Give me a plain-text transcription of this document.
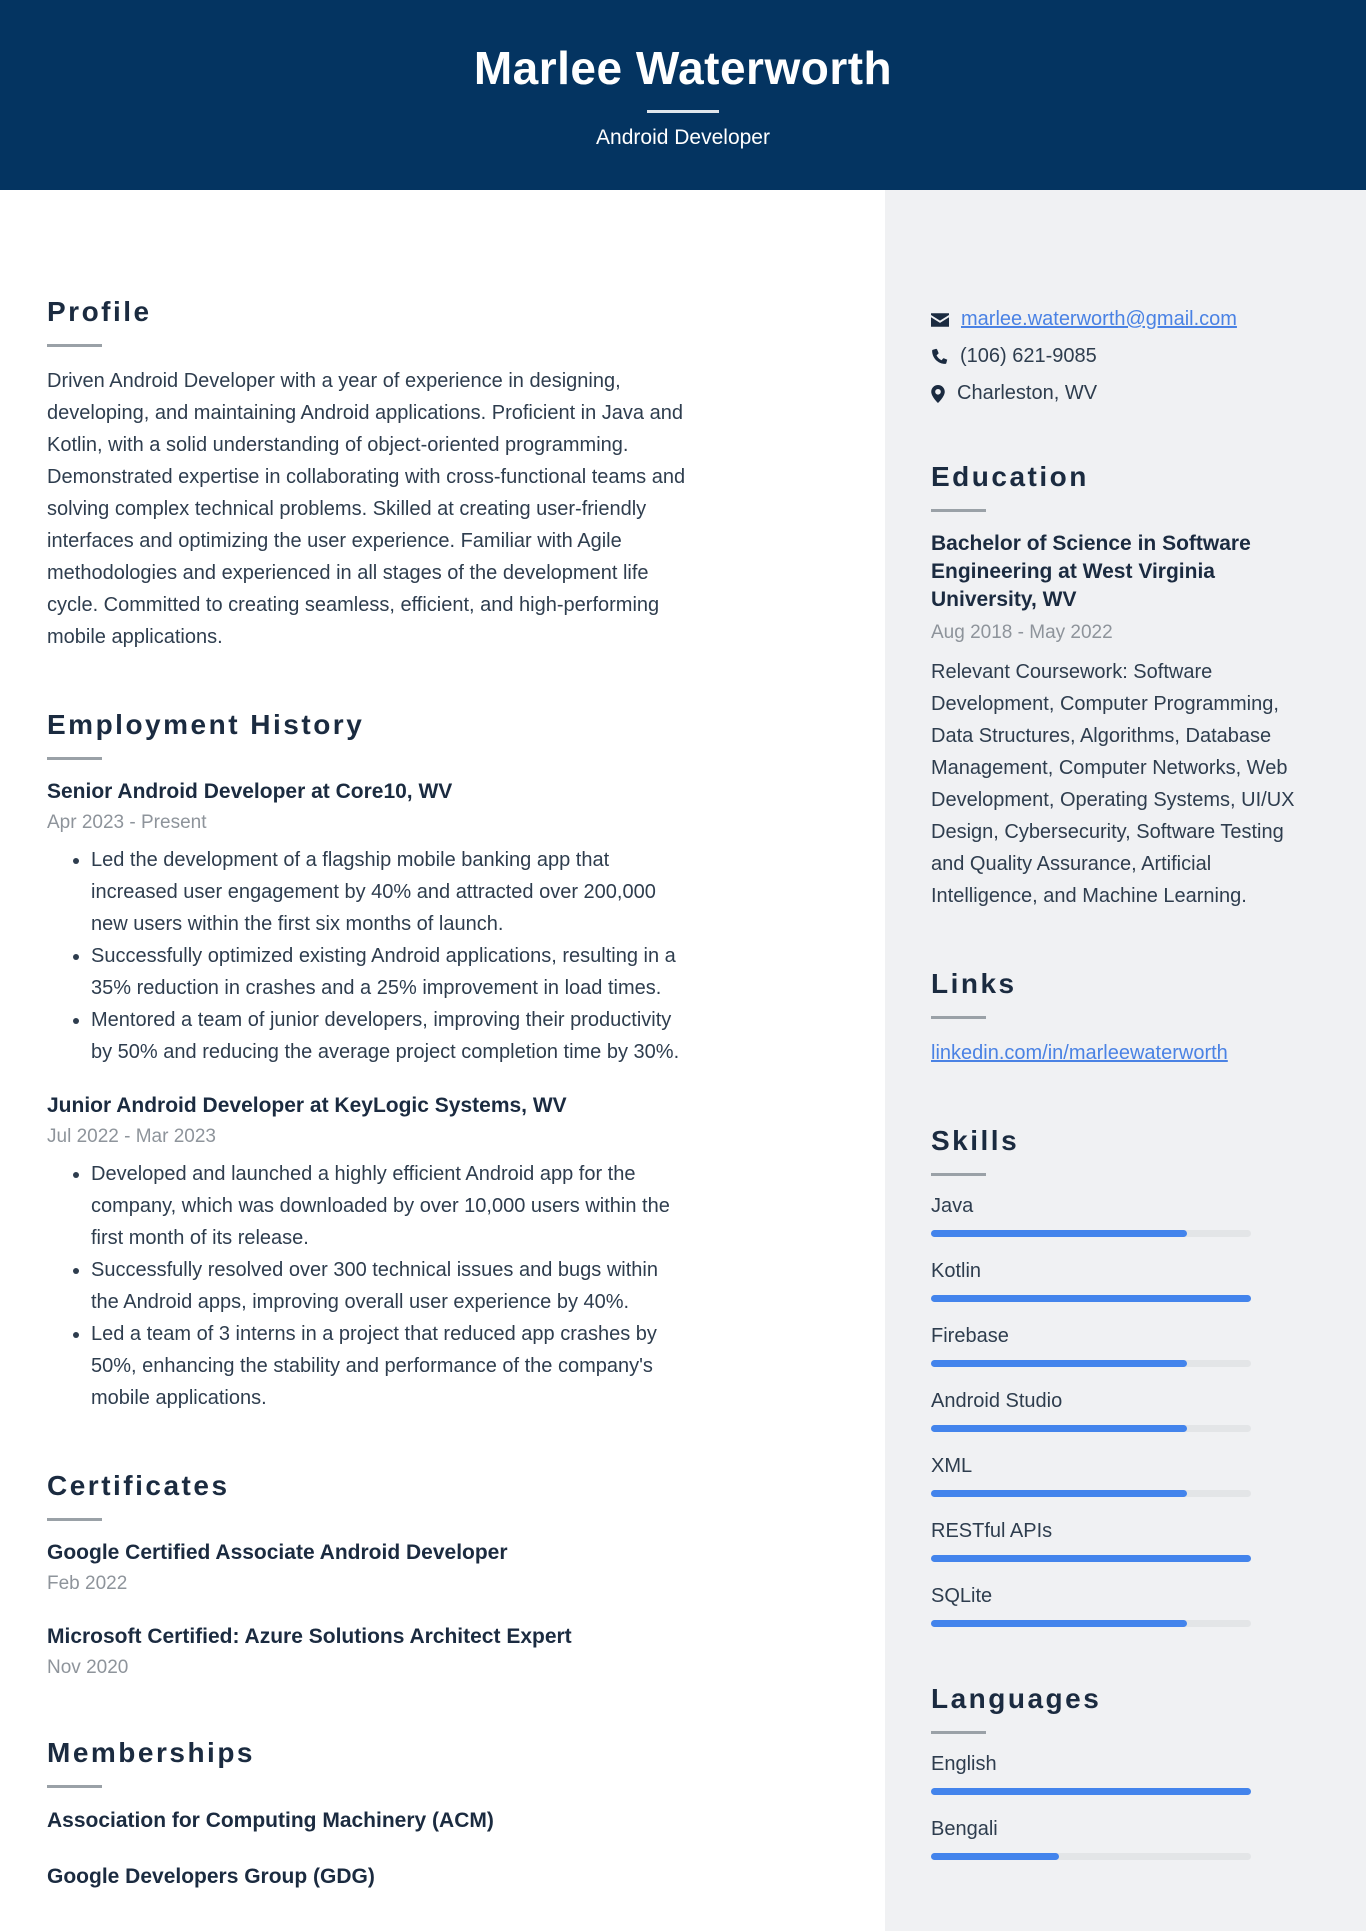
Marlee Waterworth
Android Developer
Profile

Driven Android Developer with a year of experience in designing, developing, and maintaining Android applications. Proficient in Java and Kotlin, with a solid understanding of object-oriented programming. Demonstrated expertise in collaborating with cross-functional teams and solving complex technical problems. Skilled at creating user-friendly interfaces and optimizing the user experience. Familiar with Agile methodologies and experienced in all stages of the development life cycle. Committed to creating seamless, efficient, and high-performing mobile applications.

Employment History
Senior Android Developer at Core10, WV
Apr 2023 - Present
• Led the development of a flagship mobile banking app that increased user engagement by 40% and attracted over 200,000 new users within the first six months of launch.
• Successfully optimized existing Android applications, resulting in a 35% reduction in crashes and a 25% improvement in load times.
• Mentored a team of junior developers, improving their productivity by 50% and reducing the average project completion time by 30%.
Junior Android Developer at KeyLogic Systems, WV
Jul 2022 - Mar 2023
• Developed and launched a highly efficient Android app for the company, which was downloaded by over 10,000 users within the first month of its release.
• Successfully resolved over 300 technical issues and bugs within the Android apps, improving overall user experience by 40%.
• Led a team of 3 interns in a project that reduced app crashes by 50%, enhancing the stability and performance of the company's mobile applications.
Certificates
Google Certified Associate Android Developer
Feb 2022
Microsoft Certified: Azure Solutions Architect Expert
Nov 2020
Memberships
Association for Computing Machinery (ACM)
Google Developers Group (GDG)
marlee.waterworth@gmail.com
(106) 621-9085
Charleston, WV
Education
Bachelor of Science in Software Engineering at West Virginia University, WV
Aug 2018 - May 2022

Relevant Coursework: Software Development, Computer Programming, Data Structures, Algorithms, Database Management, Computer Networks, Web Development, Operating Systems, UI/UX Design, Cybersecurity, Software Testing and Quality Assurance, Artificial Intelligence, and Machine Learning.

Links
linkedin.com/in/marleewaterworth
Skills
Java
Kotlin
Firebase
Android Studio
XML
RESTful APIs
SQLite
Languages
English
Bengali
